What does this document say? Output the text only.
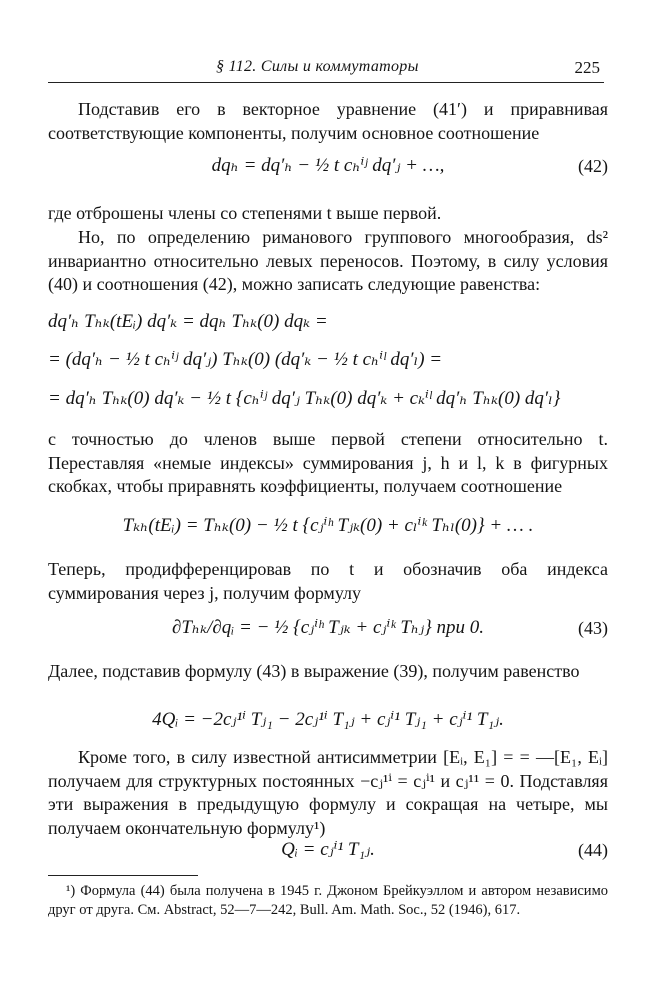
§ 112. Силы и коммутаторы	225

Подставив его в векторное уравнение (41′) и приравнивая соответствующие компоненты, получим основное соотношение

dqₕ = dq′ₕ − ½ t cₕⁱʲ dq′ⱼ + …,	(42)

где отброшены члены со степенями t выше первой.

Но, по определению риманового группового многообразия, ds² инвариантно относительно левых переносов. Поэтому, в силу условия (40) и соотношения (42), можно записать следующие равенства:

dq′ₕ Tₕₖ(tEᵢ) dq′ₖ = dqₕ Tₕₖ(0) dqₖ =
= (dq′ₕ − ½ t cₕⁱʲ dq′ⱼ) Tₕₖ(0) (dq′ₖ − ½ t cₕⁱˡ dq′ₗ) =
= dq′ₕ Tₕₖ(0) dq′ₖ − ½ t {cₕⁱʲ dq′ⱼ Tₕₖ(0) dq′ₖ + cₖⁱˡ dq′ₕ Tₕₖ(0) dq′ₗ}

с точностью до членов выше первой степени относительно t. Переставляя «немые индексы» суммирования j, h и l, k в фигурных скобках, чтобы приравнять коэффициенты, получаем соотношение

Tₖₕ(tEᵢ) = Tₕₖ(0) − ½ t {cⱼⁱʰ Tⱼₖ(0) + cₗⁱᵏ Tₕₗ(0)} + … .

Теперь, продифференцировав по t и обозначив оба индекса суммирования через j, получим формулу

∂Tₕₖ/∂qᵢ = − ½ {cⱼⁱʰ Tⱼₖ + cⱼⁱᵏ Tₕⱼ} при 0.	(43)

Далее, подставив формулу (43) в выражение (39), получим равенство

4Qᵢ = −2cⱼ¹ⁱ Tⱼ₁ − 2cⱼ¹ⁱ T₁ⱼ + cⱼⁱ¹ Tⱼ₁ + cⱼⁱ¹ T₁ⱼ.

Кроме того, в силу известной антисимметрии [Eᵢ, E₁] = = —[E₁, Eᵢ] получаем для структурных постоянных −cⱼ¹ⁱ = cⱼⁱ¹ и cⱼ¹¹ = 0. Подставляя эти выражения в предыдущую формулу и сокращая на четыре, мы получаем окончательную формулу¹)

Qᵢ = cⱼⁱ¹ T₁ⱼ.	(44)

¹) Формула (44) была получена в 1945 г. Джоном Брейкуэллом и автором независимо друг от друга. См. Abstract, 52—7—242, Bull. Am. Math. Soc., 52 (1946), 617.
